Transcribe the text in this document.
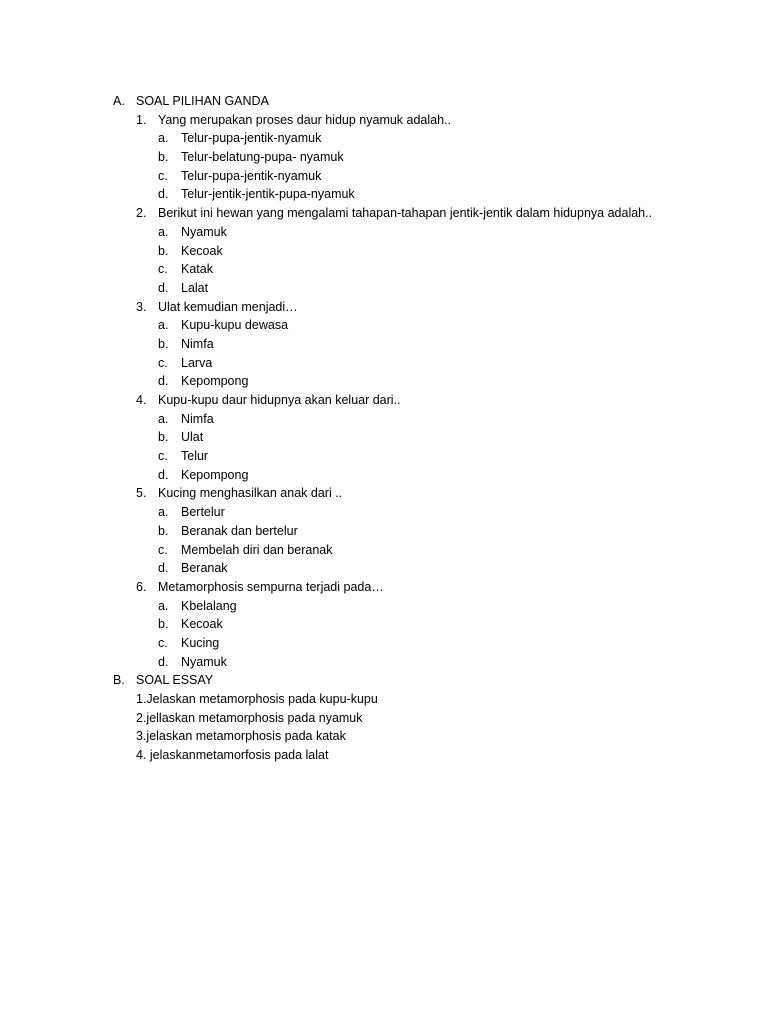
A. SOAL PILIHAN GANDA
1. Yang merupakan proses daur hidup nyamuk adalah..
a. Telur-pupa-jentik-nyamuk
b. Telur-belatung-pupa- nyamuk
c. Telur-pupa-jentik-nyamuk
d. Telur-jentik-jentik-pupa-nyamuk
2. Berikut ini hewan yang mengalami tahapan-tahapan jentik-jentik dalam hidupnya adalah..
a. Nyamuk
b. Kecoak
c. Katak
d. Lalat
3. Ulat kemudian menjadi…
a. Kupu-kupu dewasa
b. Nimfa
c. Larva
d. Kepompong
4. Kupu-kupu daur hidupnya akan keluar dari..
a. Nimfa
b. Ulat
c. Telur
d. Kepompong
5. Kucing menghasilkan anak dari ..
a. Bertelur
b. Beranak dan bertelur
c. Membelah diri dan beranak
d. Beranak
6. Metamorphosis sempurna terjadi pada…
a. Kbelalang
b. Kecoak
c. Kucing
d. Nyamuk
B. SOAL ESSAY
1.Jelaskan metamorphosis pada kupu-kupu
2.jellaskan metamorphosis pada nyamuk
3.jelaskan metamorphosis pada katak
4. jelaskanmetamorfosis pada lalat
